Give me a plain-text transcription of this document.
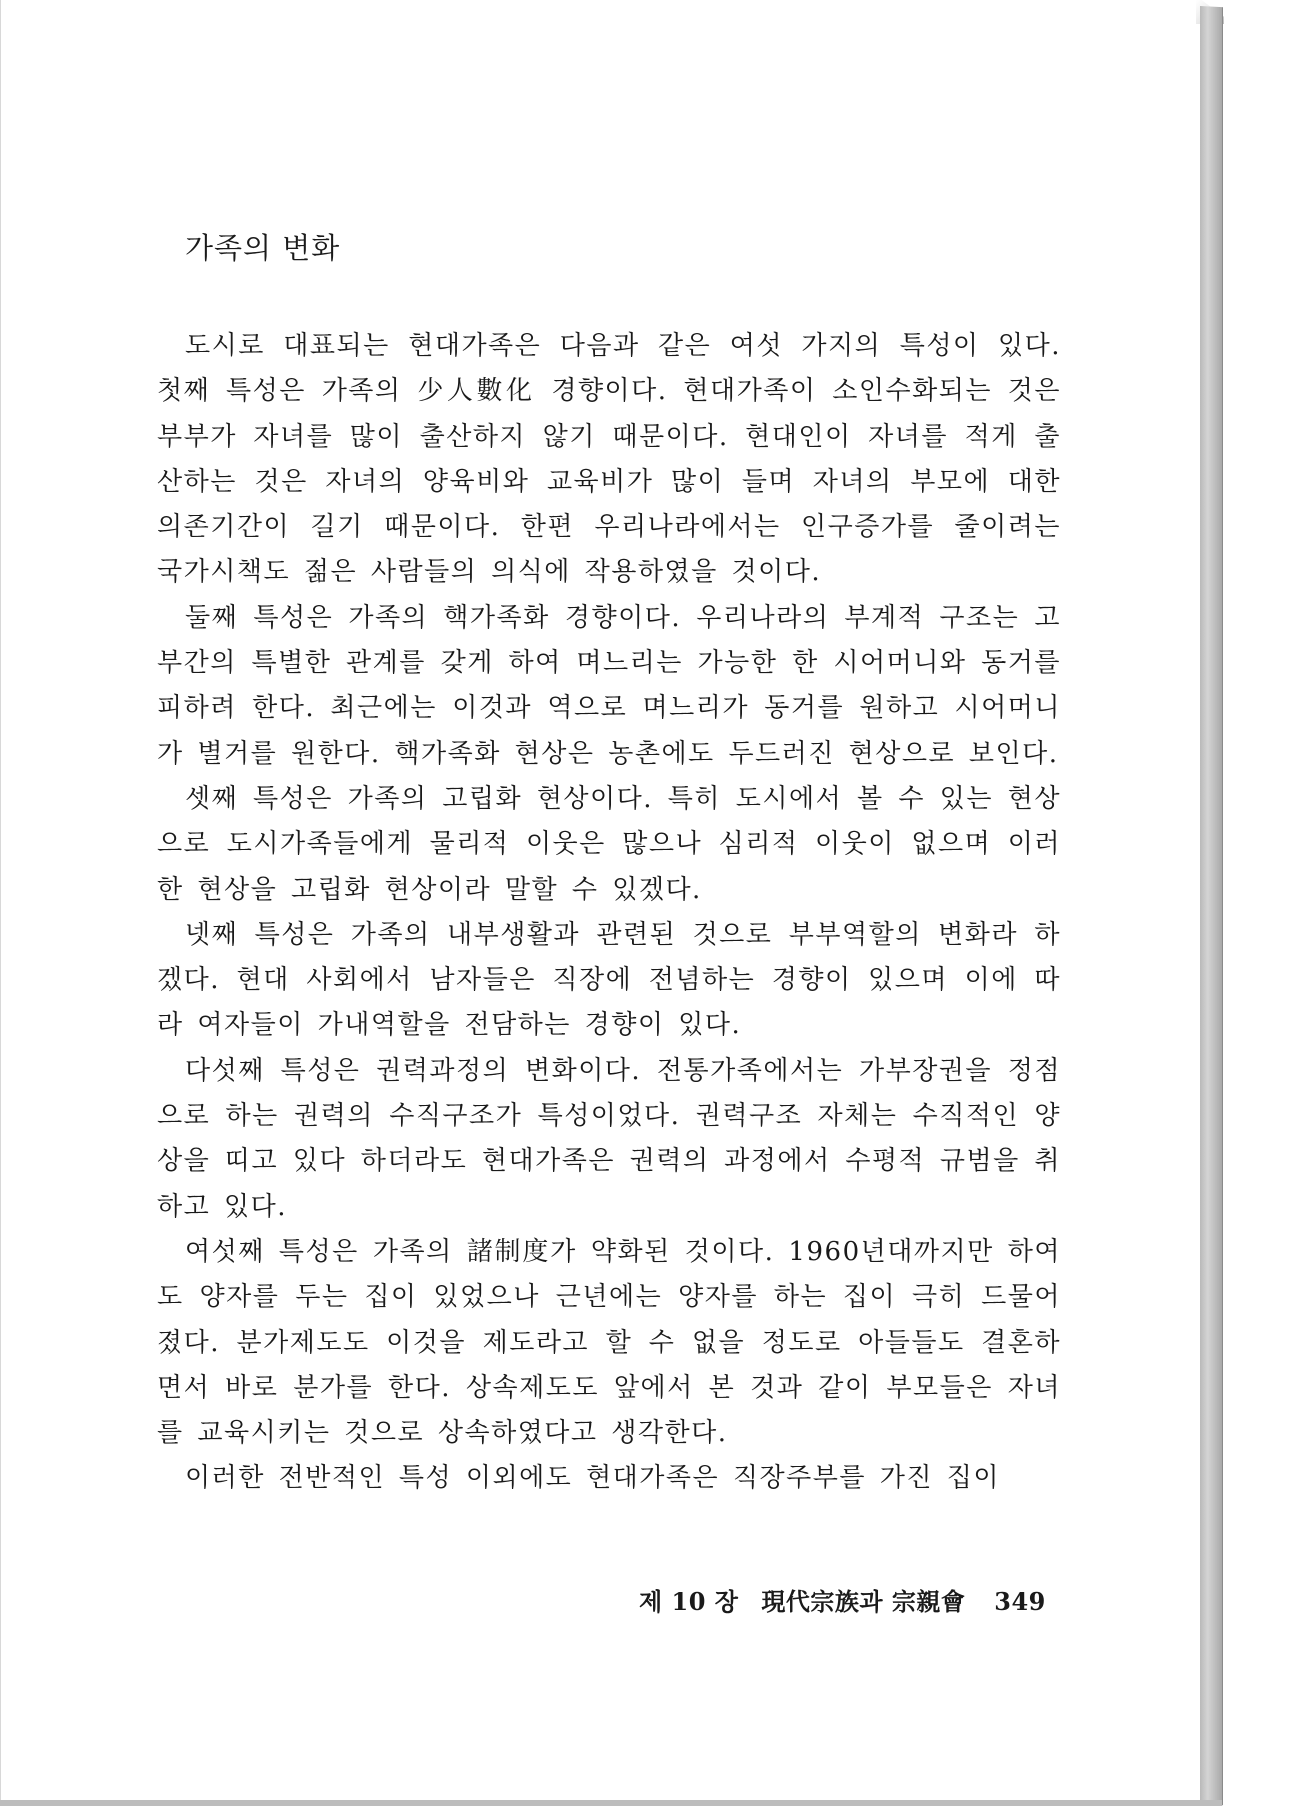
가족의 변화

도시로 대표되는 현대가족은 다음과 같은 여섯 가지의 특성이 있다. 첫째 특성은 가족의 少人數化 경향이다. 현대가족이 소인수화되는 것은 부부가 자녀를 많이 출산하지 않기 때문이다. 현대인이 자녀를 적게 출산하는 것은 자녀의 양육비와 교육비가 많이 들며 자녀의 부모에 대한 의존기간이 길기 때문이다. 한편 우리나라에서는 인구증가를 줄이려는 국가시책도 젊은 사람들의 의식에 작용하였을 것이다.

둘째 특성은 가족의 핵가족화 경향이다. 우리나라의 부계적 구조는 고부간의 특별한 관계를 갖게 하여 며느리는 가능한 한 시어머니와 동거를 피하려 한다. 최근에는 이것과 역으로 며느리가 동거를 원하고 시어머니가 별거를 원한다. 핵가족화 현상은 농촌에도 두드러진 현상으로 보인다.

셋째 특성은 가족의 고립화 현상이다. 특히 도시에서 볼 수 있는 현상으로 도시가족들에게 물리적 이웃은 많으나 심리적 이웃이 없으며 이러한 현상을 고립화 현상이라 말할 수 있겠다.

넷째 특성은 가족의 내부생활과 관련된 것으로 부부역할의 변화라 하겠다. 현대 사회에서 남자들은 직장에 전념하는 경향이 있으며 이에 따라 여자들이 가내역할을 전담하는 경향이 있다.

다섯째 특성은 권력과정의 변화이다. 전통가족에서는 가부장권을 정점으로 하는 권력의 수직구조가 특성이었다. 권력구조 자체는 수직적인 양상을 띠고 있다 하더라도 현대가족은 권력의 과정에서 수평적 규범을 취하고 있다.

여섯째 특성은 가족의 諸制度가 약화된 것이다. 1960년대까지만 하여도 양자를 두는 집이 있었으나 근년에는 양자를 하는 집이 극히 드물어졌다. 분가제도도 이것을 제도라고 할 수 없을 정도로 아들들도 결혼하면서 바로 분가를 한다. 상속제도도 앞에서 본 것과 같이 부모들은 자녀를 교육시키는 것으로 상속하였다고 생각한다.

이러한 전반적인 특성 이외에도 현대가족은 직장주부를 가진 집이

제 10 장 現代宗族과 宗親會 349
